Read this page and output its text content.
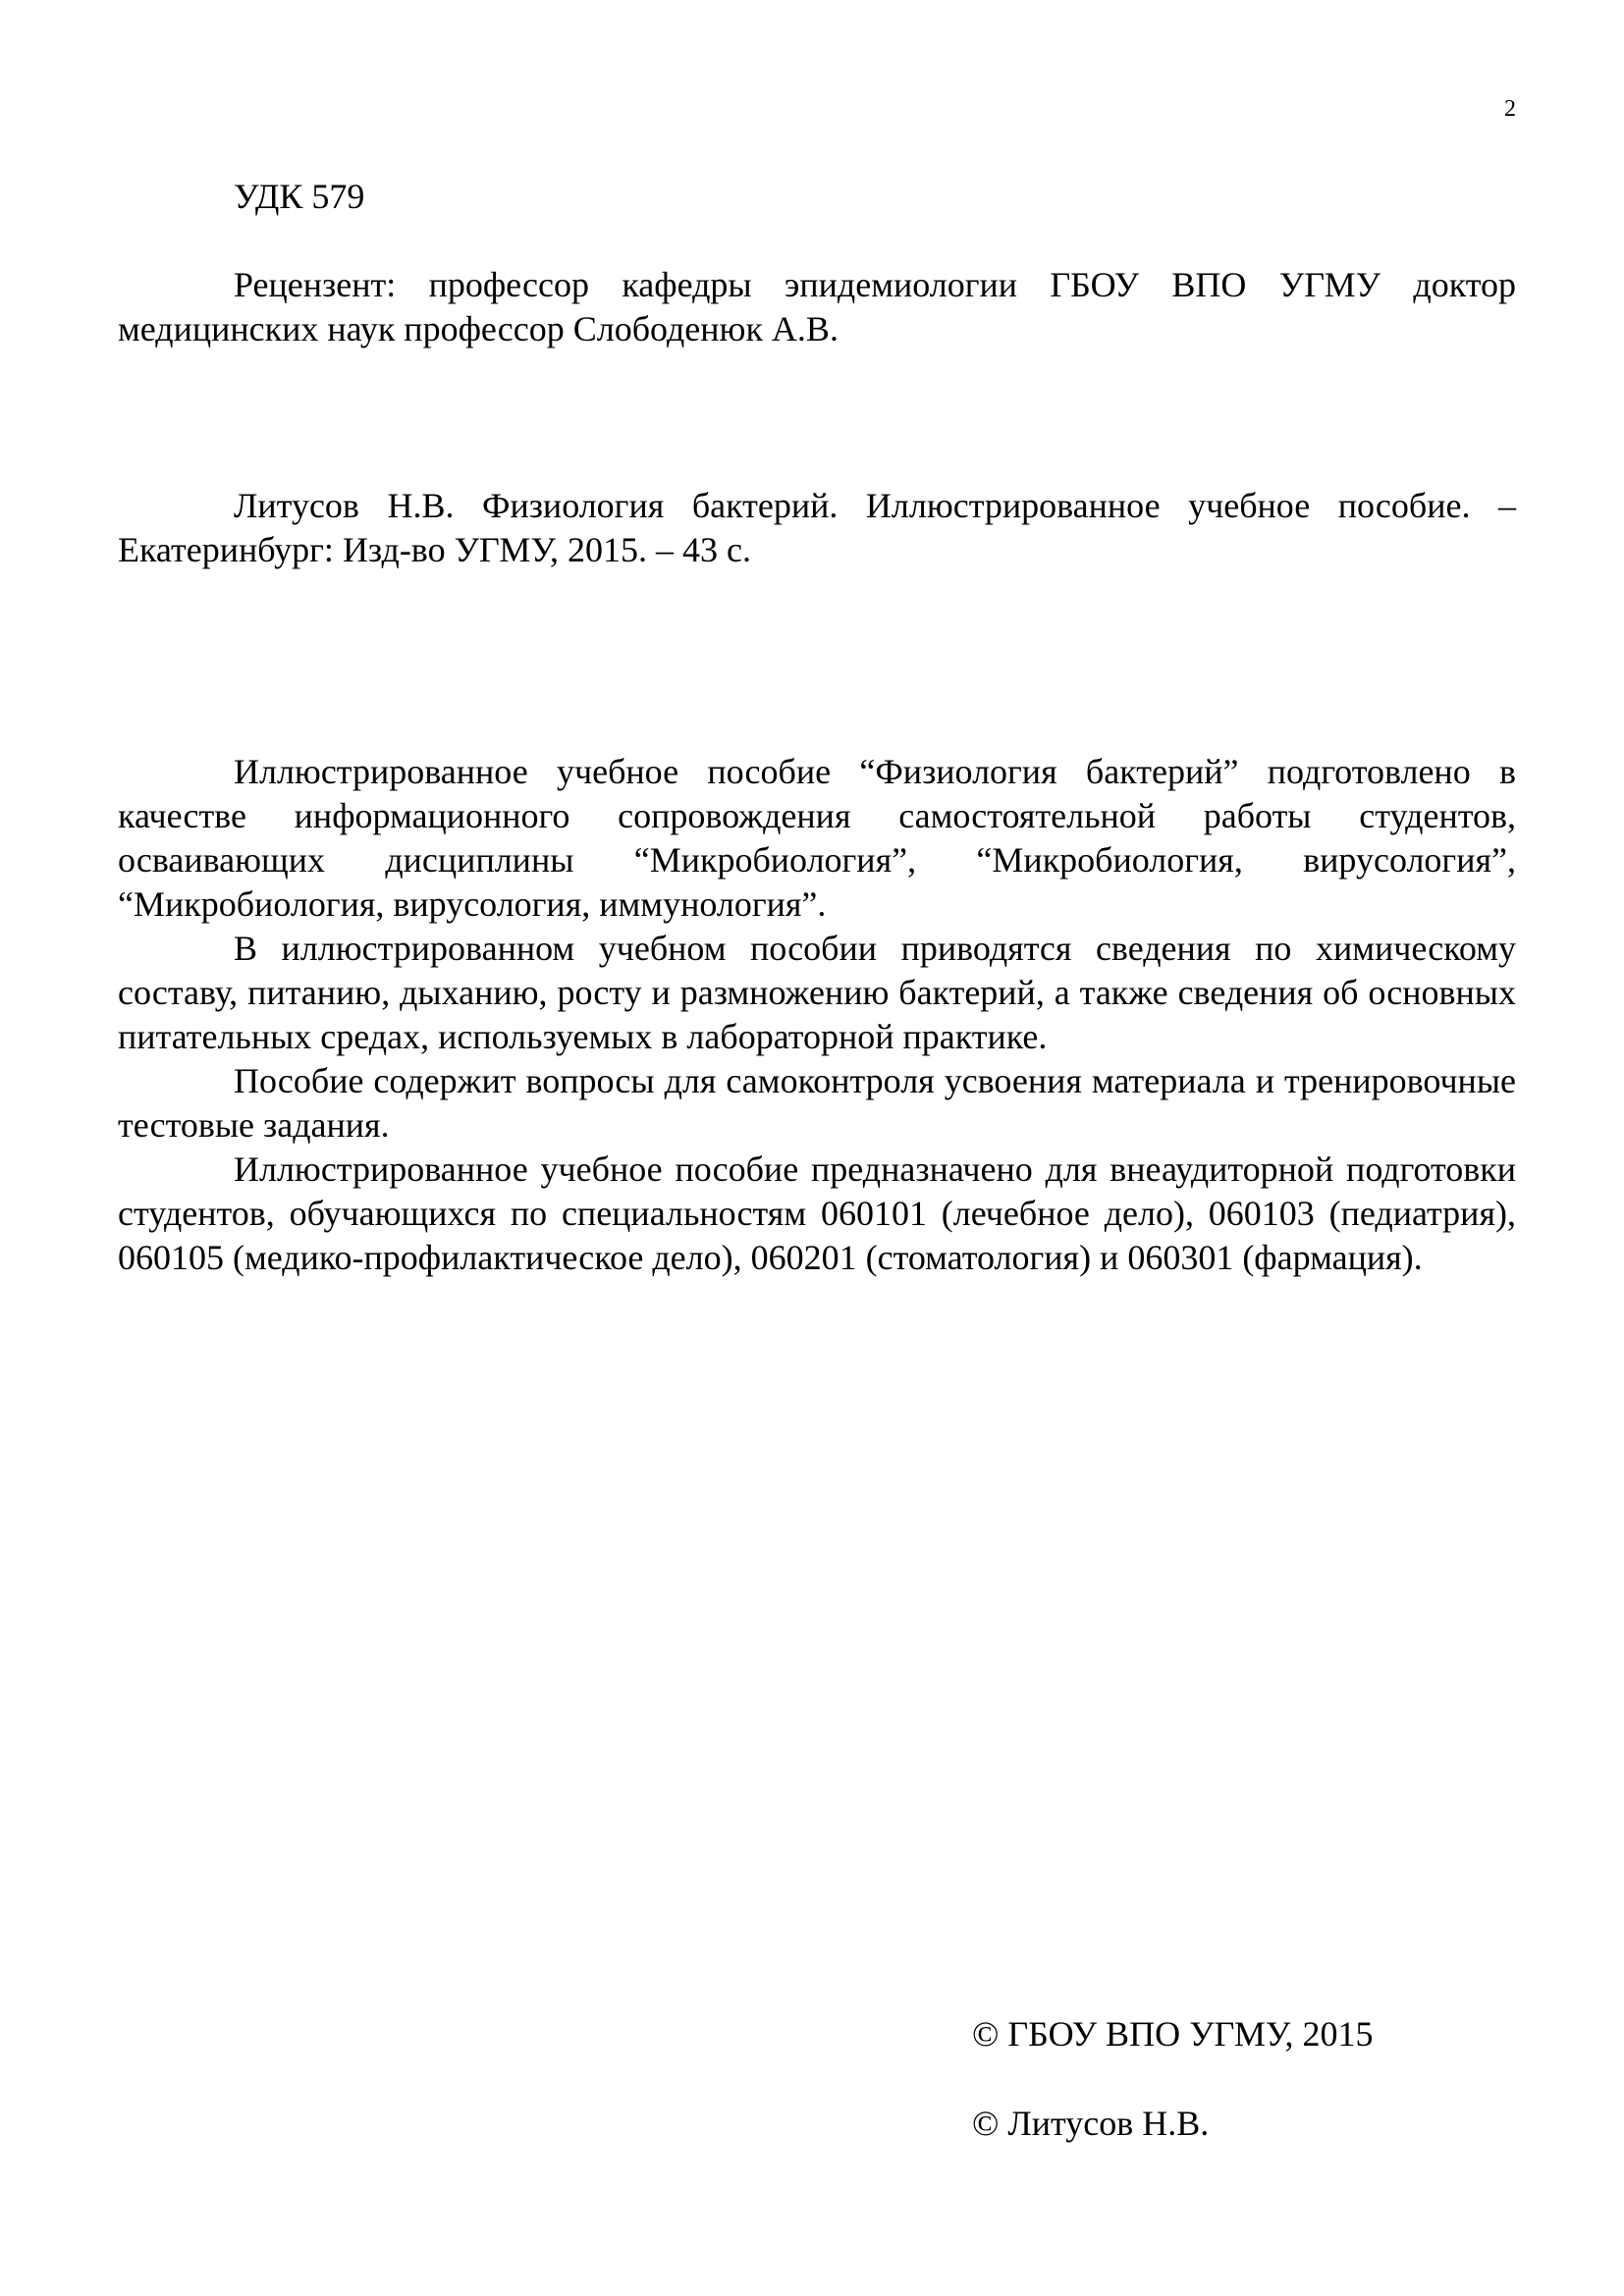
2
УДК 579

Рецензент: профессор кафедры эпидемиологии ГБОУ ВПО УГМУ доктор медицинских наук профессор Слободенюк А.В.

Литусов Н.В. Физиология бактерий. Иллюстрированное учебное пособие. – Екатеринбург: Изд-во УГМУ, 2015. – 43 с.

Иллюстрированное учебное пособие “Физиология бактерий” подготовлено в качестве информационного сопровождения самостоятельной работы студентов, осваивающих дисциплины “Микробиология”, “Микробиология, вирусология”, “Микробиология, вирусология, иммунология”.

В иллюстрированном учебном пособии приводятся сведения по химическому составу, питанию, дыханию, росту и размножению бактерий, а также сведения об основных питательных средах, используемых в лабораторной практике.

Пособие содержит вопросы для самоконтроля усвоения материала и тренировочные тестовые задания.

Иллюстрированное учебное пособие предназначено для внеаудиторной подготовки студентов, обучающихся по специальностям 060101 (лечебное дело), 060103 (педиатрия), 060105 (медико-профилактическое дело), 060201 (стоматология) и 060301 (фармация).

© ГБОУ ВПО УГМУ, 2015
© Литусов Н.В.
